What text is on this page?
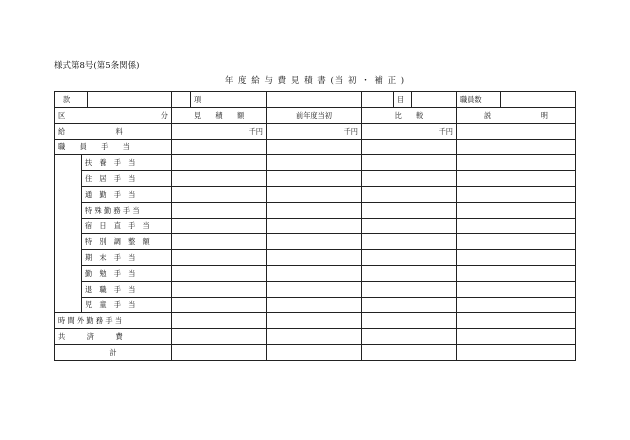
様式第8号(第5条関係)
年 度 給 与 費 見 積 書 (当 初 ・ 補 正 )
款		項		目	職員数

区 分		見　　積　　額	前年度当初	比　　較	説 明

給　　　　　　　料		千円	千円	千円	
職　　員　　手　　当					
	扶　養　手　当				
	住　居　手　当				
	通　勤　手　当				
	特 殊 勤 務 手 当				
	宿　日　直　手　当				
	特　別　調　整　額				
	期　末　手　当				
	勤　勉　手　当				
	退　職　手　当				
	児　童　手　当				
時 間 外 勤 務 手 当					
共　　　済　　　費					
計					
